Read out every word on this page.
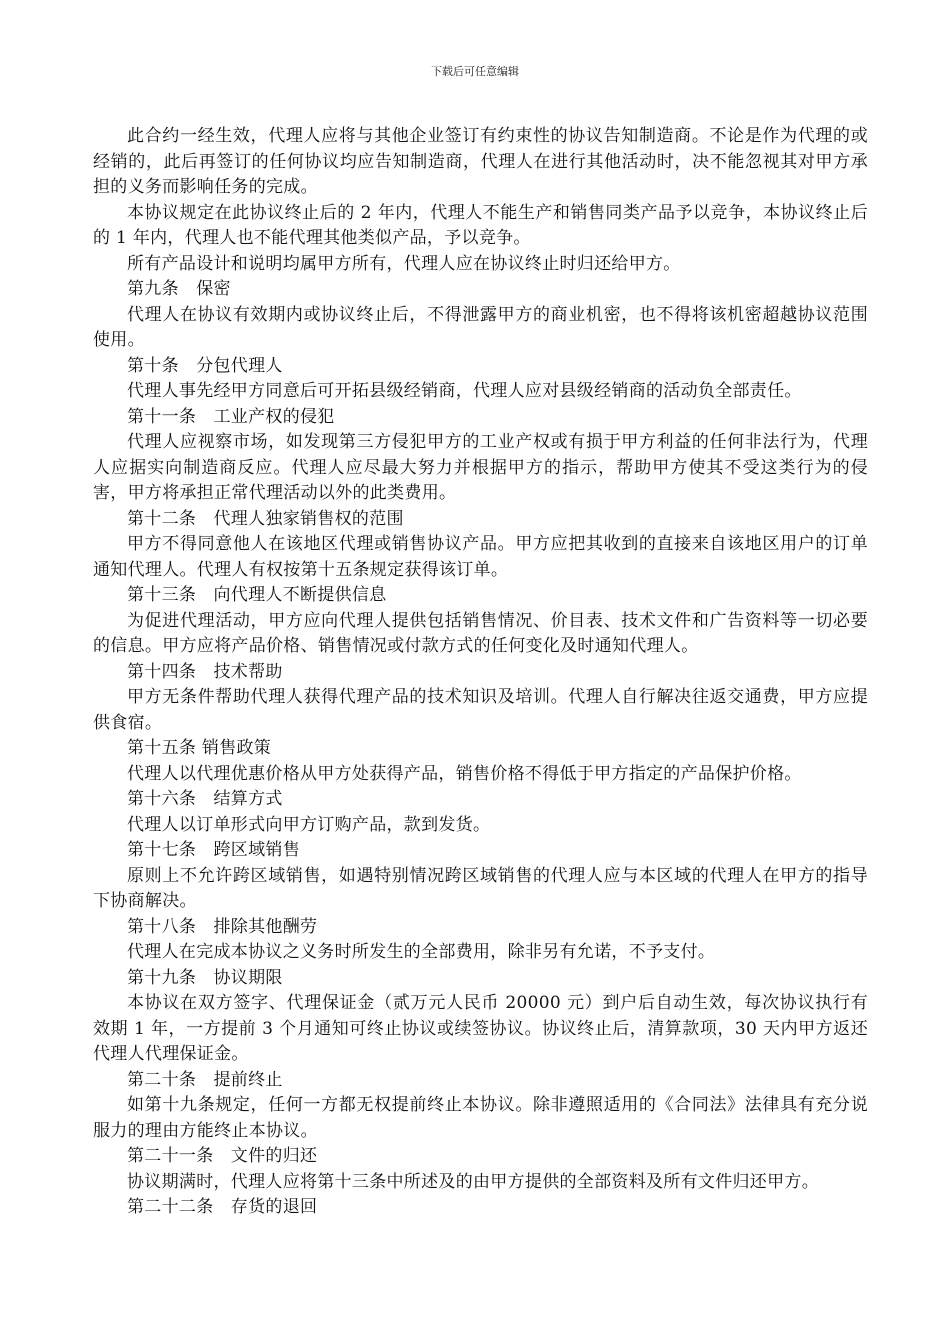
下载后可任意编辑

此合约一经生效，代理人应将与其他企业签订有约束性的协议告知制造商。不论是作为代理的或经销的，此后再签订的任何协议均应告知制造商，代理人在进行其他活动时，决不能忽视其对甲方承担的义务而影响任务的完成。

本协议规定在此协议终止后的 2 年内，代理人不能生产和销售同类产品予以竞争，本协议终止后的 1 年内，代理人也不能代理其他类似产品，予以竞争。

所有产品设计和说明均属甲方所有，代理人应在协议终止时归还给甲方。

第九条　保密

代理人在协议有效期内或协议终止后，不得泄露甲方的商业机密，也不得将该机密超越协议范围使用。

第十条　分包代理人

代理人事先经甲方同意后可开拓县级经销商，代理人应对县级经销商的活动负全部责任。

第十一条　工业产权的侵犯

代理人应视察市场，如发现第三方侵犯甲方的工业产权或有损于甲方利益的任何非法行为，代理人应据实向制造商反应。代理人应尽最大努力并根据甲方的指示，帮助甲方使其不受这类行为的侵害，甲方将承担正常代理活动以外的此类费用。

第十二条　代理人独家销售权的范围

甲方不得同意他人在该地区代理或销售协议产品。甲方应把其收到的直接来自该地区用户的订单通知代理人。代理人有权按第十五条规定获得该订单。

第十三条　向代理人不断提供信息

为促进代理活动，甲方应向代理人提供包括销售情况、价目表、技术文件和广告资料等一切必要的信息。甲方应将产品价格、销售情况或付款方式的任何变化及时通知代理人。

第十四条　技术帮助

甲方无条件帮助代理人获得代理产品的技术知识及培训。代理人自行解决往返交通费，甲方应提供食宿。

第十五条 销售政策

代理人以代理优惠价格从甲方处获得产品，销售价格不得低于甲方指定的产品保护价格。

第十六条　结算方式

代理人以订单形式向甲方订购产品，款到发货。

第十七条　跨区域销售

原则上不允许跨区域销售，如遇特别情况跨区域销售的代理人应与本区域的代理人在甲方的指导下协商解决。

第十八条　排除其他酬劳

代理人在完成本协议之义务时所发生的全部费用，除非另有允诺，不予支付。

第十九条　协议期限

本协议在双方签字、代理保证金（贰万元人民币 20000 元）到户后自动生效，每次协议执行有效期 1 年，一方提前 3 个月通知可终止协议或续签协议。协议终止后，清算款项，30 天内甲方返还代理人代理保证金。

第二十条　提前终止

如第十九条规定，任何一方都无权提前终止本协议。除非遵照适用的《合同法》法律具有充分说服力的理由方能终止本协议。

第二十一条　文件的归还

协议期满时，代理人应将第十三条中所述及的由甲方提供的全部资料及所有文件归还甲方。

第二十二条　存货的退回
